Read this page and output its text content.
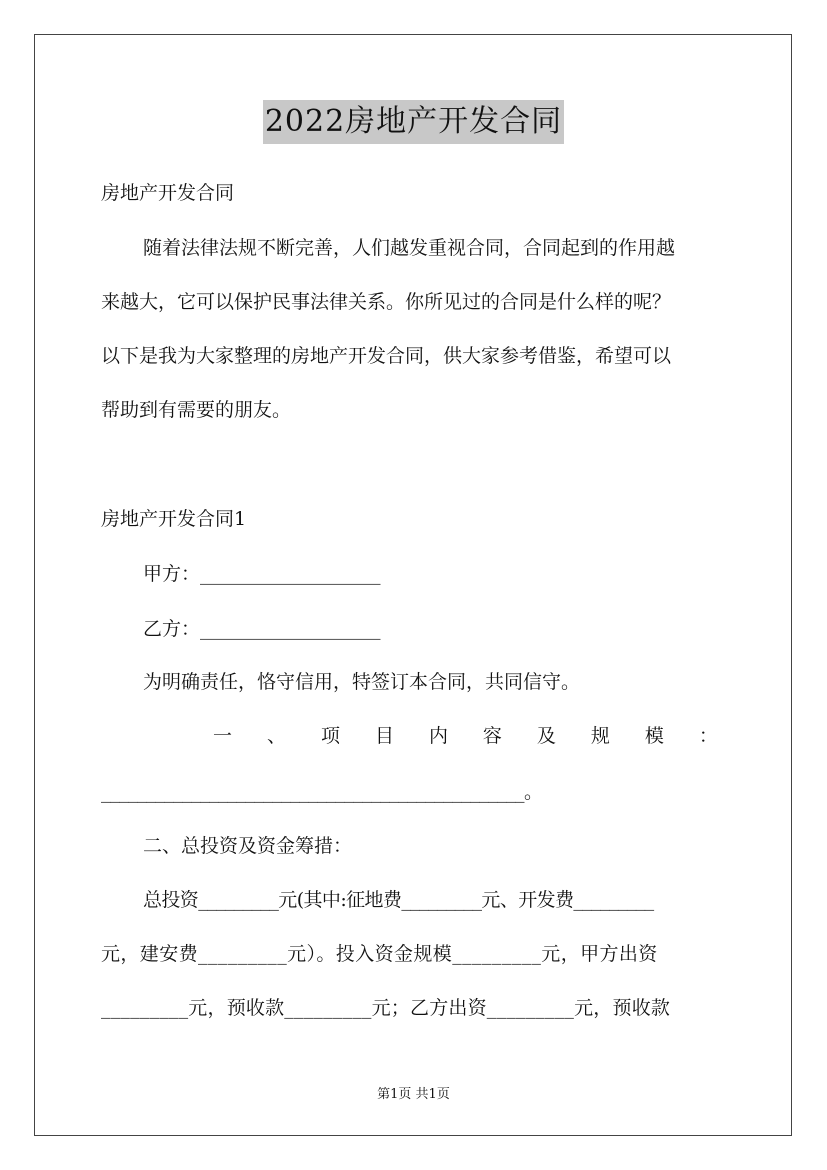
2022房地产开发合同
房地产开发合同
随着法律法规不断完善，人们越发重视合同，合同起到的作用越
来越大，它可以保护民事法律关系。你所见过的合同是什么样的呢？
以下是我为大家整理的房地产开发合同，供大家参考借鉴，希望可以
帮助到有需要的朋友。
房地产开发合同1
甲方：___________________
乙方：___________________
为明确责任，恪守信用，特签订本合同，共同信守。
一 、 项 目 内 容 及 规 模 ：
_______________________________________________。
二、总投资及资金筹措：
总投资_________元(其中:征地费_________元、开发费_________
元，建安费_________元）。投入资金规模_________元，甲方出资
_________元，预收款_________元；乙方出资_________元，预收款
第1页 共1页
